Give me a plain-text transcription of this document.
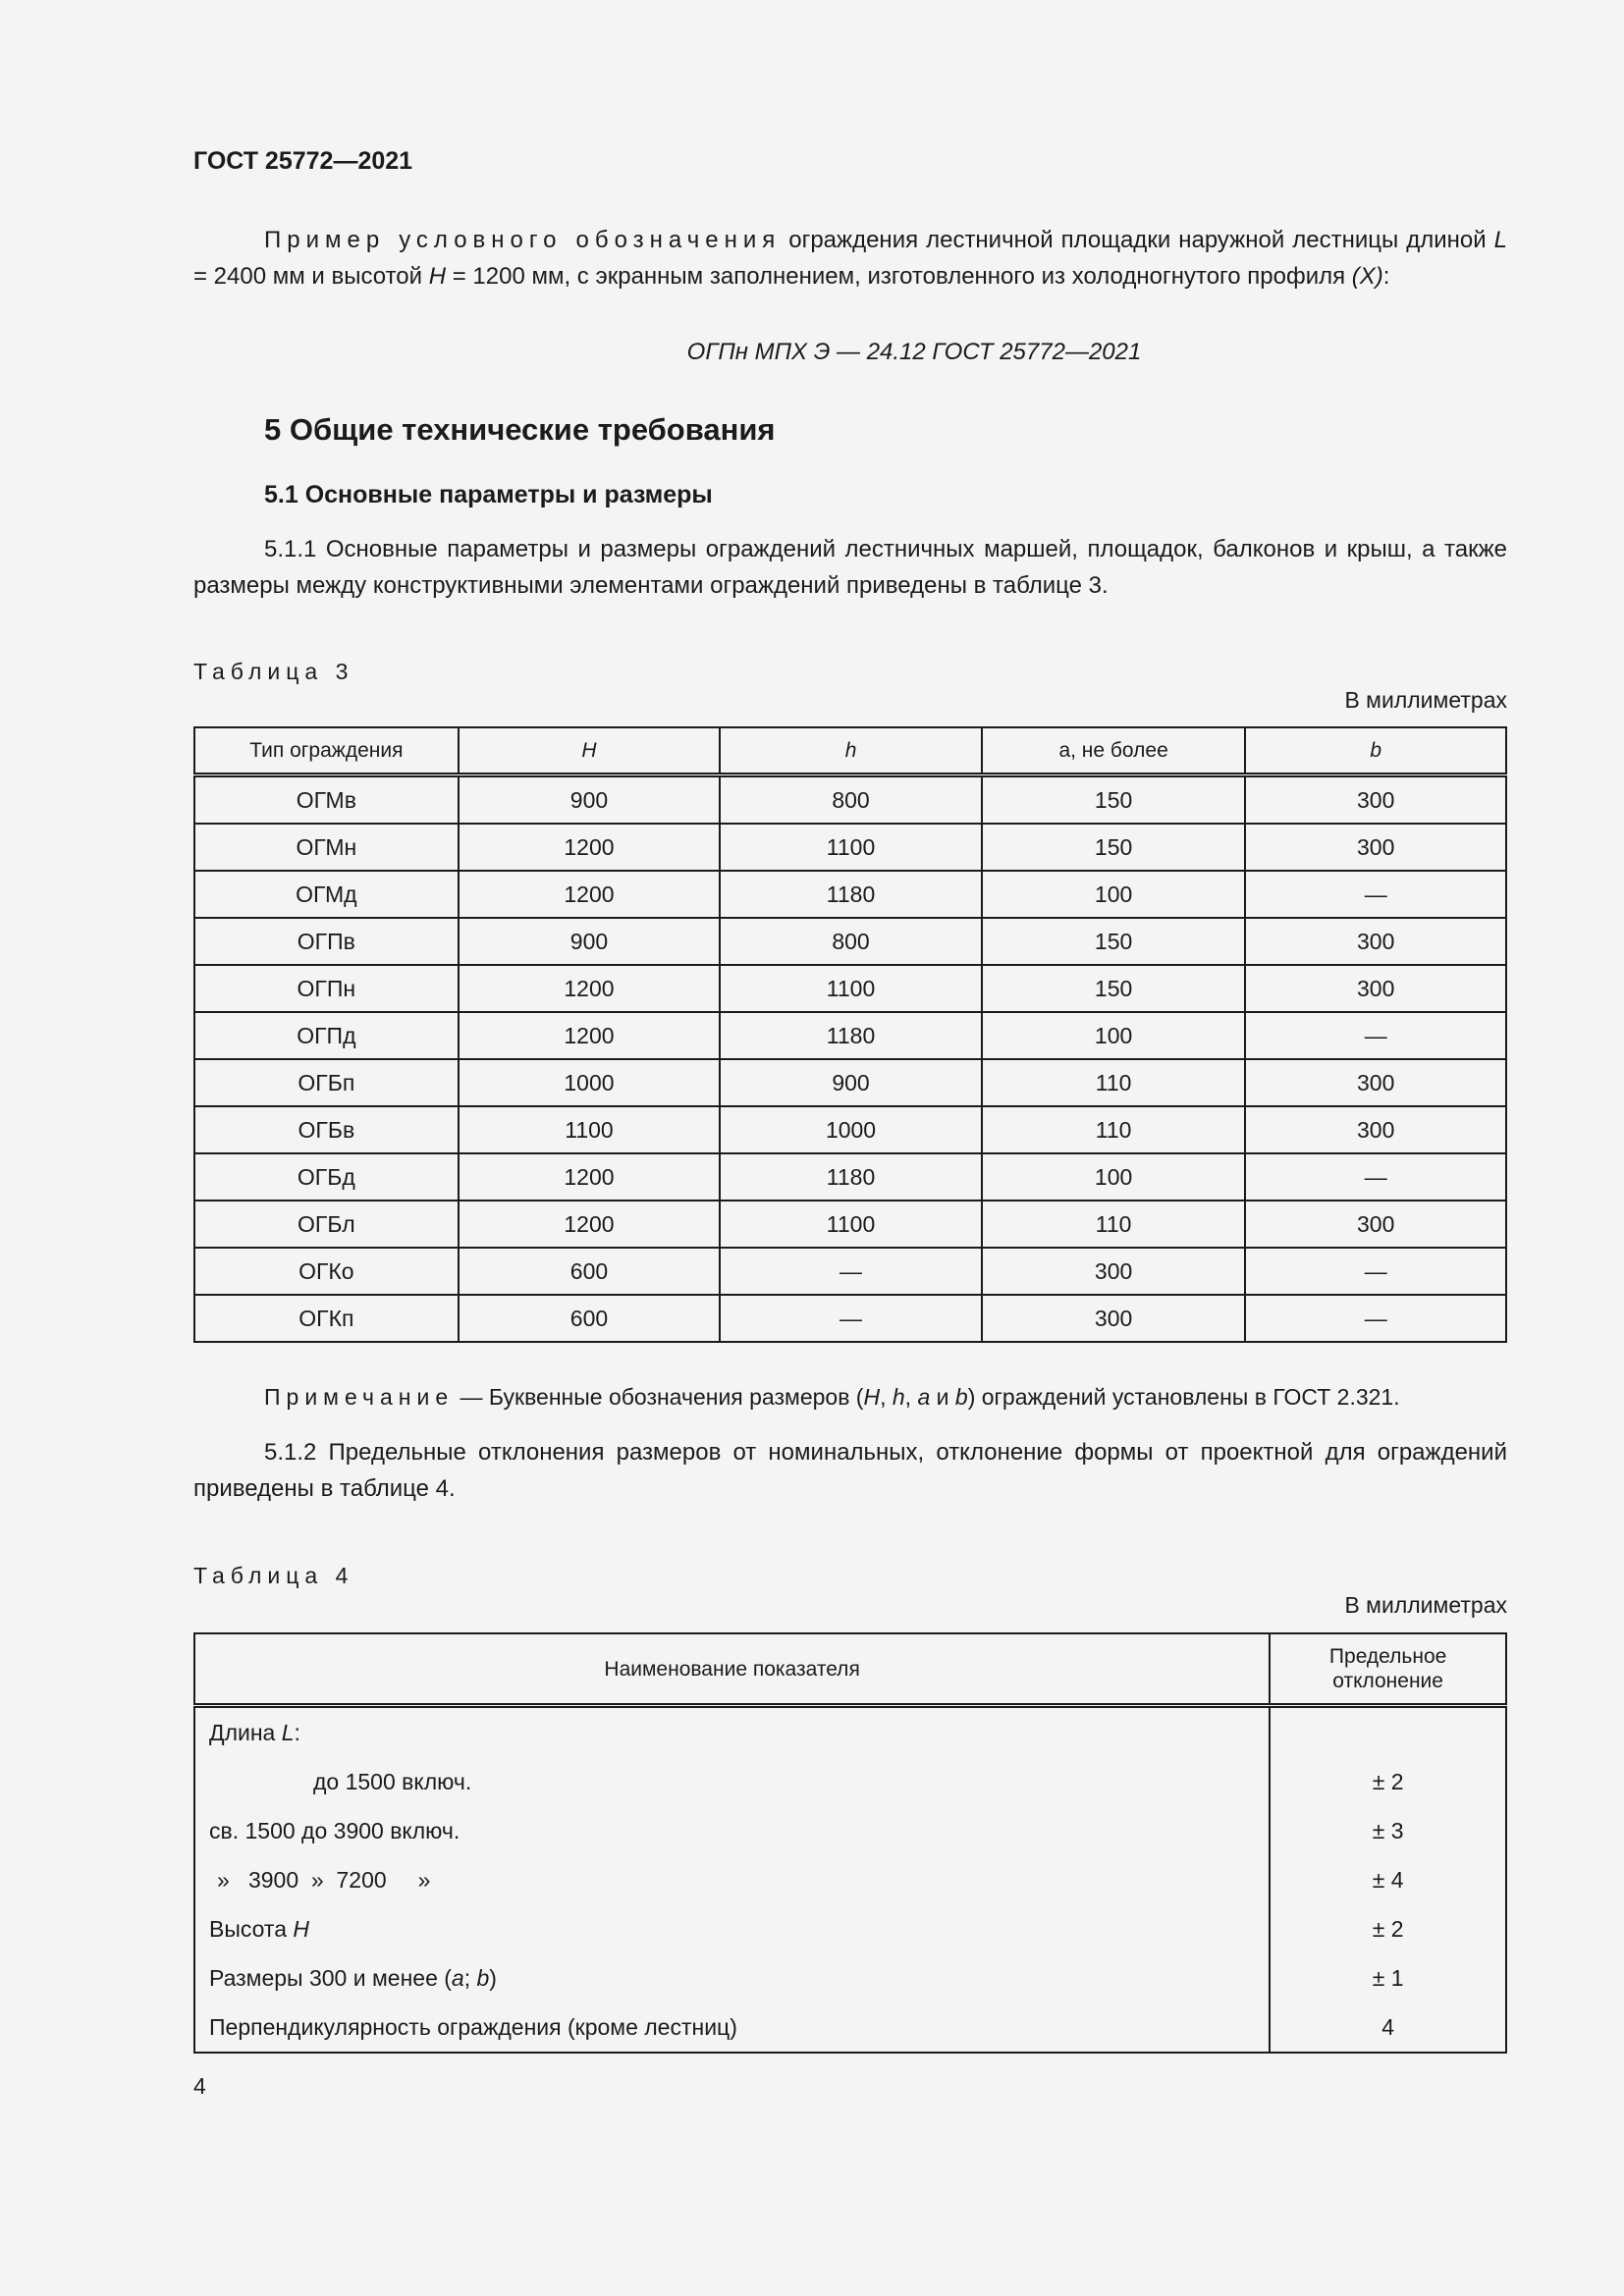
ГОСТ 25772—2021

Пример условного обозначения ограждения лестничной площадки наружной лестницы длиной L = 2400 мм и высотой H = 1200 мм, с экранным заполнением, изготовленного из холодногнутого профиля (X):

ОГПн МПХ Э — 24.12 ГОСТ 25772—2021
5 Общие технические требования
5.1 Основные параметры и размеры

5.1.1 Основные параметры и размеры ограждений лестничных маршей, площадок, балконов и крыш, а также размеры между конструктивными элементами ограждений приведены в таблице 3.

Таблица 3
В миллиметрах
Тип ограждения	H	h	а, не более	b
ОГМв	900	800	150	300
ОГМн	1200	1100	150	300
ОГМд	1200	1180	100	—
ОГПв	900	800	150	300
ОГПн	1200	1100	150	300
ОГПд	1200	1180	100	—
ОГБп	1000	900	110	300
ОГБв	1100	1000	110	300
ОГБд	1200	1180	100	—
ОГБл	1200	1100	110	300
ОГКо	600	—	300	—
ОГКп	600	—	300	—
Примечание — Буквенные обозначения размеров (H, h, a и b) ограждений установлены в ГОСТ 2.321.

5.1.2 Предельные отклонения размеров от номинальных, отклонение формы от проектной для ограждений приведены в таблице 4.

Таблица 4
В миллиметрах
Наименование показателя	Предельное
отклонение
Длина L:	
до 1500 включ.	± 2
св. 1500 до 3900 включ.	± 3
»   3900  »  7200     »	± 4
Высота H	± 2
Размеры 300 и менее (a; b)	± 1
Перпендикулярность ограждения (кроме лестниц)	4
4
